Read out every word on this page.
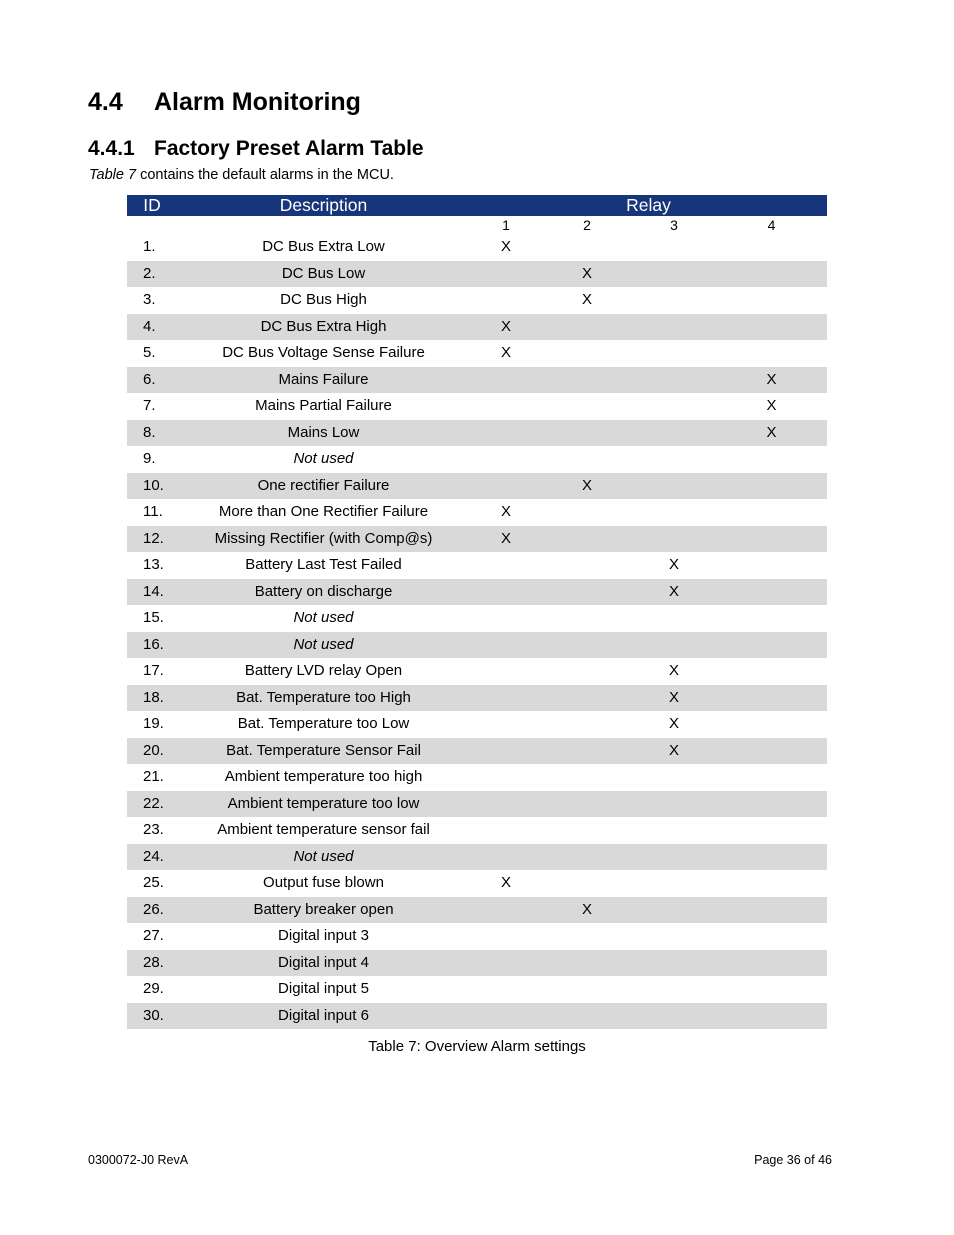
4.4	Alarm Monitoring
4.4.1 Factory Preset Alarm Table
Table 7 contains the default alarms in the MCU.
ID	Description	Relay			
		1	2	3	4
1.	DC Bus Extra Low	X			
2.	DC Bus Low		X		
3.	DC Bus High		X		
4.	DC Bus Extra High	X			
5.	DC Bus Voltage Sense Failure	X			
6.	Mains Failure				X
7.	Mains Partial Failure				X
8.	Mains Low				X
9.	Not used				
10.	One rectifier Failure		X		
11.	More than One Rectifier Failure	X			
12.	Missing Rectifier (with Comp@s)	X			
13.	Battery Last Test Failed			X	
14.	Battery on discharge			X	
15.	Not used				
16.	Not used				
17.	Battery LVD relay Open			X	
18.	Bat. Temperature too High			X	
19.	Bat. Temperature too Low			X	
20.	Bat. Temperature Sensor Fail			X	
21.	Ambient temperature too high				
22.	Ambient temperature too low				
23.	Ambient temperature sensor fail				
24.	Not used				
25.	Output fuse blown	X			
26.	Battery breaker open		X		
27.	Digital input 3				
28.	Digital input 4				
29.	Digital input 5				
30.	Digital input 6				
Table 7: Overview Alarm settings
0300072-J0 RevA	Page 36 of 46
